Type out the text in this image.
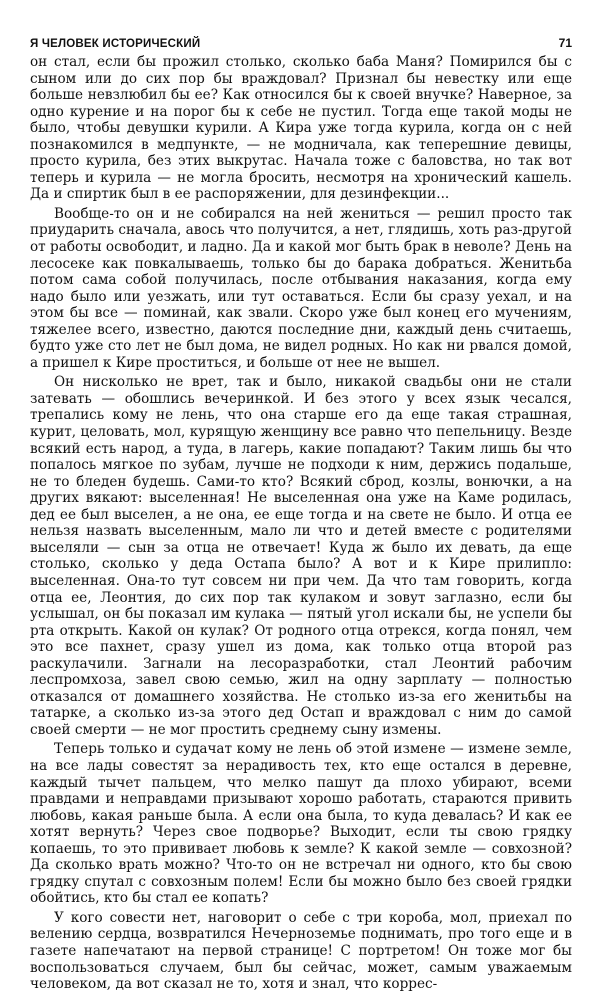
Я ЧЕЛОВЕК ИСТОРИЧЕСКИЙ	71

он стал, если бы прожил столько, сколько баба Маня? Помирился бы с сыном или до сих пор бы враждовал? Признал бы невестку или еще больше невзлюбил бы ее? Как относился бы к своей внучке? Наверное, за одно курение и на порог бы к себе не пустил. Тогда еще такой моды не было, чтобы девушки курили. А Кира уже тогда курила, когда он с ней познакомился в медпункте, — не модничала, как теперешние девицы, просто курила, без этих выкрутас. Начала тоже с баловства, но так вот теперь и курила — не могла бросить, несмотря на хронический кашель. Да и спиртик был в ее распоряжении, для дезинфекции...

Вообще-то он и не собирался на ней жениться — решил просто так приударить сначала, авось что получится, а нет, глядишь, хоть раз-другой от работы освободит, и ладно. Да и какой мог быть брак в неволе? День на лесосеке как повкалываешь, только бы до барака добраться. Женитьба потом сама собой получилась, после отбывания наказания, когда ему надо было или уезжать, или тут оставаться. Если бы сразу уехал, и на этом бы все — поминай, как звали. Скоро уже был конец его мучениям, тяжелее всего, известно, даются последние дни, каждый день считаешь, будто уже сто лет не был дома, не видел родных. Но как ни рвался домой, а пришел к Кире проститься, и больше от нее не вышел.

Он нисколько не врет, так и было, никакой свадьбы они не стали затевать — обошлись вечеринкой. И без этого у всех язык чесался, трепались кому не лень, что она старше его да еще такая страшная, курит, целовать, мол, курящую женщину все равно что пепельницу. Везде всякий есть народ, а туда, в лагерь, какие попадают? Таким лишь бы что попалось мягкое по зубам, лучше не подходи к ним, держись подальше, не то бледен будешь. Сами-то кто? Всякий сброд, козлы, вонючки, а на других вякают: выселенная! Не выселенная она уже на Каме родилась, дед ее был выселен, а не она, ее еще тогда и на свете не было. И отца ее нельзя назвать выселенным, мало ли что и детей вместе с родителями выселяли — сын за отца не отвечает! Куда ж было их девать, да еще столько, сколько у деда Остапа было? А вот и к Кире прилипло: выселенная. Она-то тут совсем ни при чем. Да что там говорить, когда отца ее, Леонтия, до сих пор так кулаком и зовут заглазно, если бы услышал, он бы показал им кулака — пятый угол искали бы, не успели бы рта открыть. Какой он кулак? От родного отца отрекся, когда понял, чем это все пахнет, сразу ушел из дома, как только отца второй раз раскулачили. Загнали на лесоразработки, стал Леонтий рабочим леспромхоза, завел свою семью, жил на одну зарплату — полностью отказался от домашнего хозяйства. Не столько из-за его женитьбы на татарке, а сколько из-за этого дед Остап и враждовал с ним до самой своей смерти — не мог простить среднему сыну измены.

Теперь только и судачат кому не лень об этой измене — измене земле, на все лады совестят за нерадивость тех, кто еще остался в деревне, каждый тычет пальцем, что мелко пашут да плохо убирают, всеми правдами и неправдами призывают хорошо работать, стараются привить любовь, какая раньше была. А если она была, то куда девалась? И как ее хотят вернуть? Через свое подворье? Выходит, если ты свою грядку копаешь, то это прививает любовь к земле? К какой земле — совхозной? Да сколько врать можно? Что-то он не встречал ни одного, кто бы свою грядку спутал с совхозным полем! Если бы можно было без своей грядки обойтись, кто бы стал ее копать?

У кого совести нет, наговорит о себе с три короба, мол, приехал по велению сердца, возвратился Нечерноземье поднимать, про того еще и в газете напечатают на первой странице! С портретом! Он тоже мог бы воспользоваться случаем, был бы сейчас, может, самым уважаемым человеком, да вот сказал не то, хотя и знал, что коррес-
